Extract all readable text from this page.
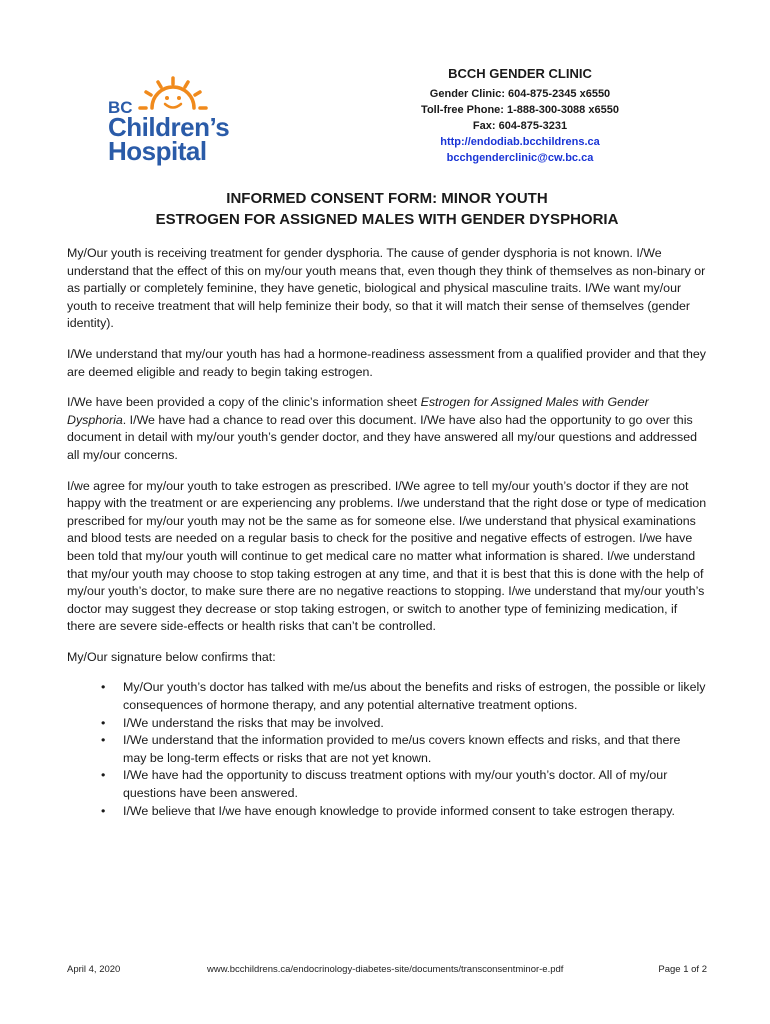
BC
Children’s
Hospital
BCCH GENDER CLINIC
Gender Clinic: 604-875-2345 x6550
Toll-free Phone: 1-888-300-3088 x6550
Fax: 604-875-3231
http://endodiab.bcchildrens.ca
bcchgenderclinic@cw.bc.ca
INFORMED CONSENT FORM: MINOR YOUTH
ESTROGEN FOR ASSIGNED MALES WITH GENDER DYSPHORIA

My/Our youth is receiving treatment for gender dysphoria. The cause of gender dysphoria is not known. I/We understand that the effect of this on my/our youth means that, even though they think of themselves as non-binary or as partially or completely feminine, they have genetic, biological and physical masculine traits. I/We want my/our youth to receive treatment that will help feminize their body, so that it will match their sense of themselves (gender identity).

I/We understand that my/our youth has had a hormone-readiness assessment from a qualified provider and that they are deemed eligible and ready to begin taking estrogen.

I/We have been provided a copy of the clinic’s information sheet Estrogen for Assigned Males with Gender Dysphoria. I/We have had a chance to read over this document. I/We have also had the opportunity to go over this document in detail with my/our youth’s gender doctor, and they have answered all my/our questions and addressed all my/our concerns.

I/we agree for my/our youth to take estrogen as prescribed. I/We agree to tell my/our youth’s doctor if they are not happy with the treatment or are experiencing any problems. I/we understand that the right dose or type of medication prescribed for my/our youth may not be the same as for someone else. I/we understand that physical examinations and blood tests are needed on a regular basis to check for the positive and negative effects of estrogen. I/we have been told that my/our youth will continue to get medical care no matter what information is shared. I/we understand that my/our youth may choose to stop taking estrogen at any time, and that it is best that this is done with the help of my/our youth’s doctor, to make sure there are no negative reactions to stopping. I/we understand that my/our youth’s doctor may suggest they decrease or stop taking estrogen, or switch to another type of feminizing medication, if there are severe side-effects or health risks that can’t be controlled.

My/Our signature below confirms that:

• My/Our youth’s doctor has talked with me/us about the benefits and risks of estrogen, the possible or likely consequences of hormone therapy, and any potential alternative treatment options.
• I/We understand the risks that may be involved.
• I/We understand that the information provided to me/us covers known effects and risks, and that there may be long-term effects or risks that are not yet known.
• I/We have had the opportunity to discuss treatment options with my/our youth’s doctor. All of my/our questions have been answered.
• I/We believe that I/we have enough knowledge to provide informed consent to take estrogen therapy.
April 4, 2020	www.bcchildrens.ca/endocrinology-diabetes-site/documents/transconsentminor-e.pdf	Page 1 of 2
